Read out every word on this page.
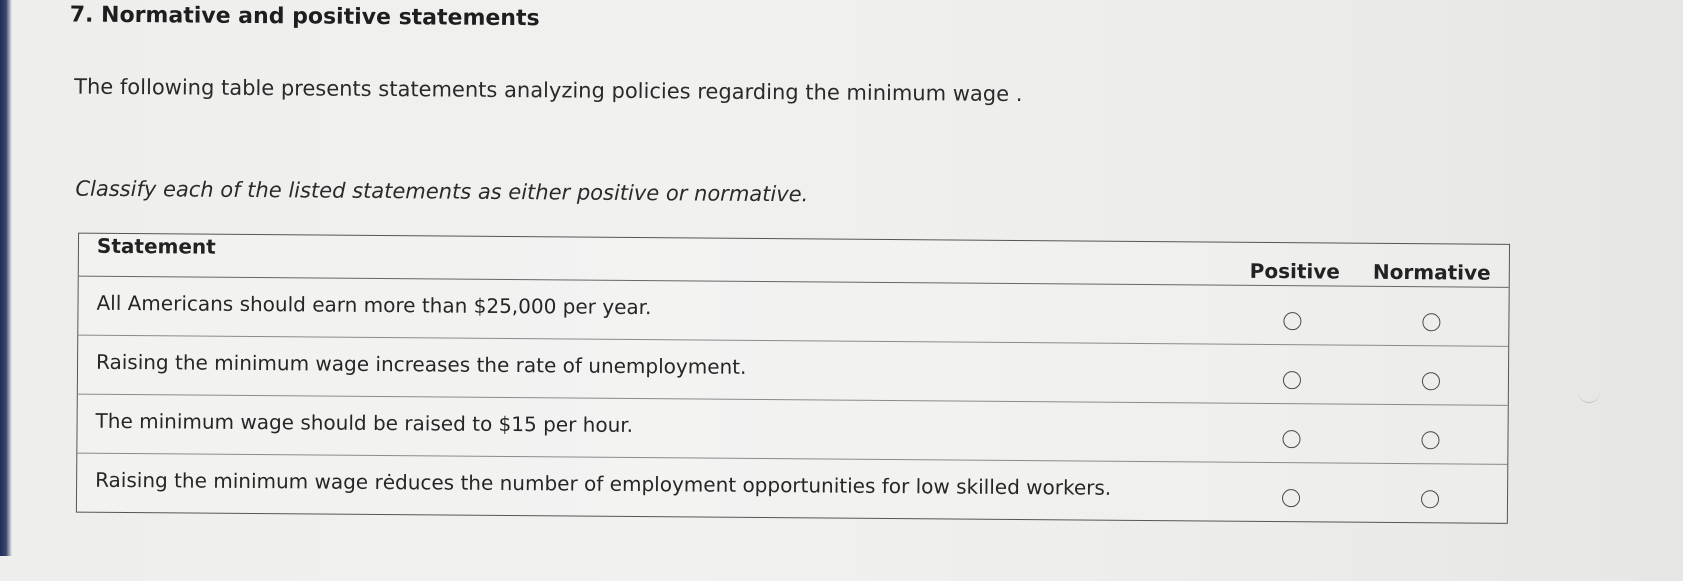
7. Normative and positive statements
The following table presents statements analyzing policies regarding the minimum wage .
Classify each of the listed statements as either positive or normative.
Statement
Positive	Normative
All Americans should earn more than $25,000 per year.
Raising the minimum wage increases the rate of unemployment.
The minimum wage should be raised to $15 per hour.
Raising the minimum wage rėduces the number of employment opportunities for low skilled workers.
